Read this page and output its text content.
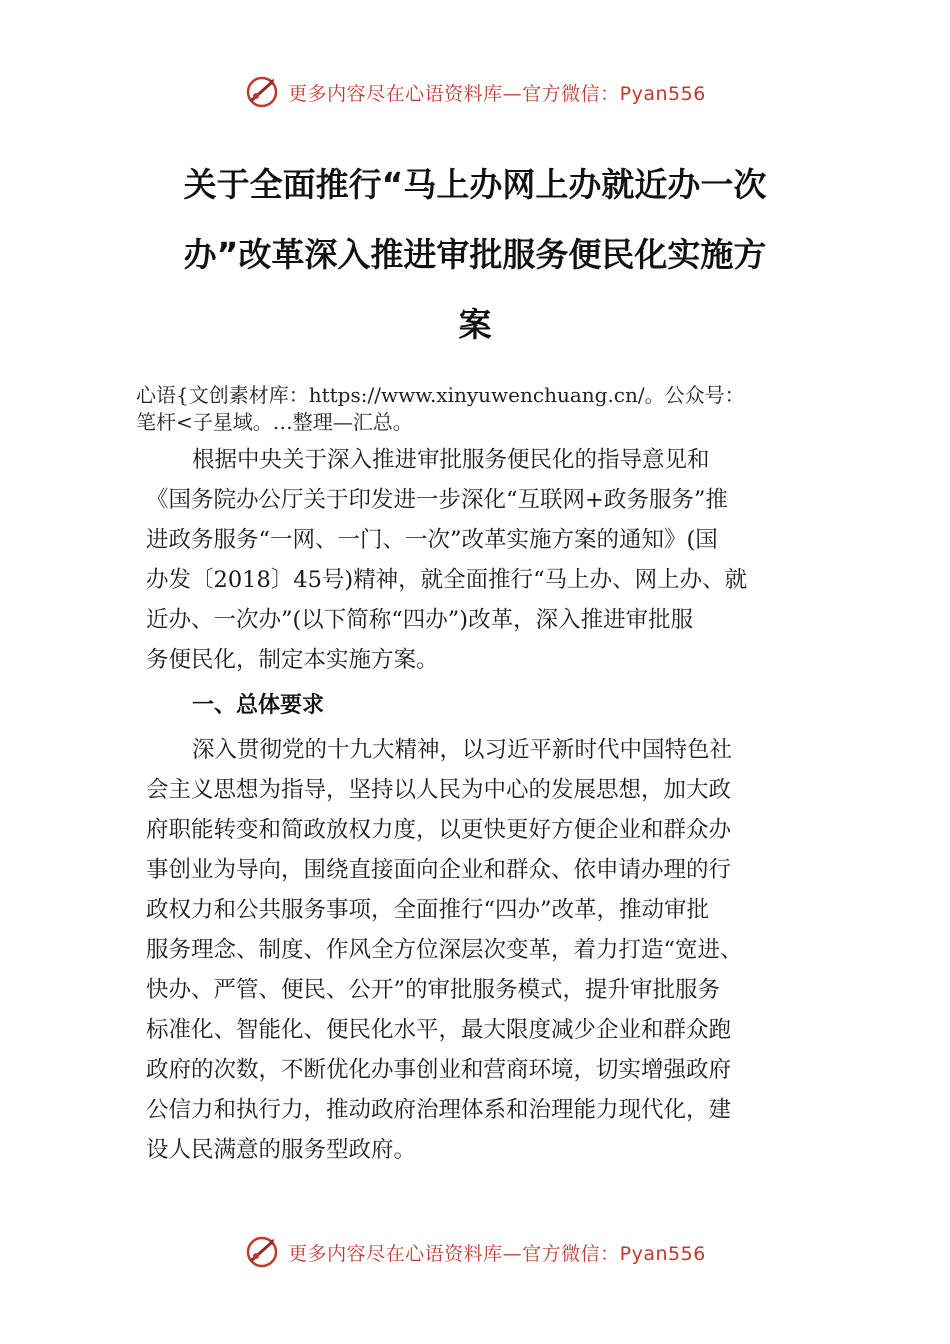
更多内容尽在心语资料库—官方微信：Pyan556
关于全面推行“马上办网上办就近办一次
办”改革深入推进审批服务便民化实施方
案
心语{文创素材库：https://www.xinyuwenchuang.cn/。公众号：
笔杆<子星域。…整理—汇总。
根据中央关于深入推进审批服务便民化的指导意见和
《国务院办公厅关于印发进一步深化“互联网+政务服务”推
进政务服务“一网、一门、一次”改革实施方案的通知》(国
办发〔2018〕45号)精神，就全面推行“马上办、网上办、就
近办、一次办”(以下简称“四办”)改革，深入推进审批服
务便民化，制定本实施方案。
一、总体要求
深入贯彻党的十九大精神，以习近平新时代中国特色社
会主义思想为指导，坚持以人民为中心的发展思想，加大政
府职能转变和简政放权力度，以更快更好方便企业和群众办
事创业为导向，围绕直接面向企业和群众、依申请办理的行
政权力和公共服务事项，全面推行“四办”改革，推动审批
服务理念、制度、作风全方位深层次变革，着力打造“宽进、
快办、严管、便民、公开”的审批服务模式，提升审批服务
标准化、智能化、便民化水平，最大限度减少企业和群众跑
政府的次数，不断优化办事创业和营商环境，切实增强政府
公信力和执行力，推动政府治理体系和治理能力现代化，建
设人民满意的服务型政府。
更多内容尽在心语资料库—官方微信：Pyan556
